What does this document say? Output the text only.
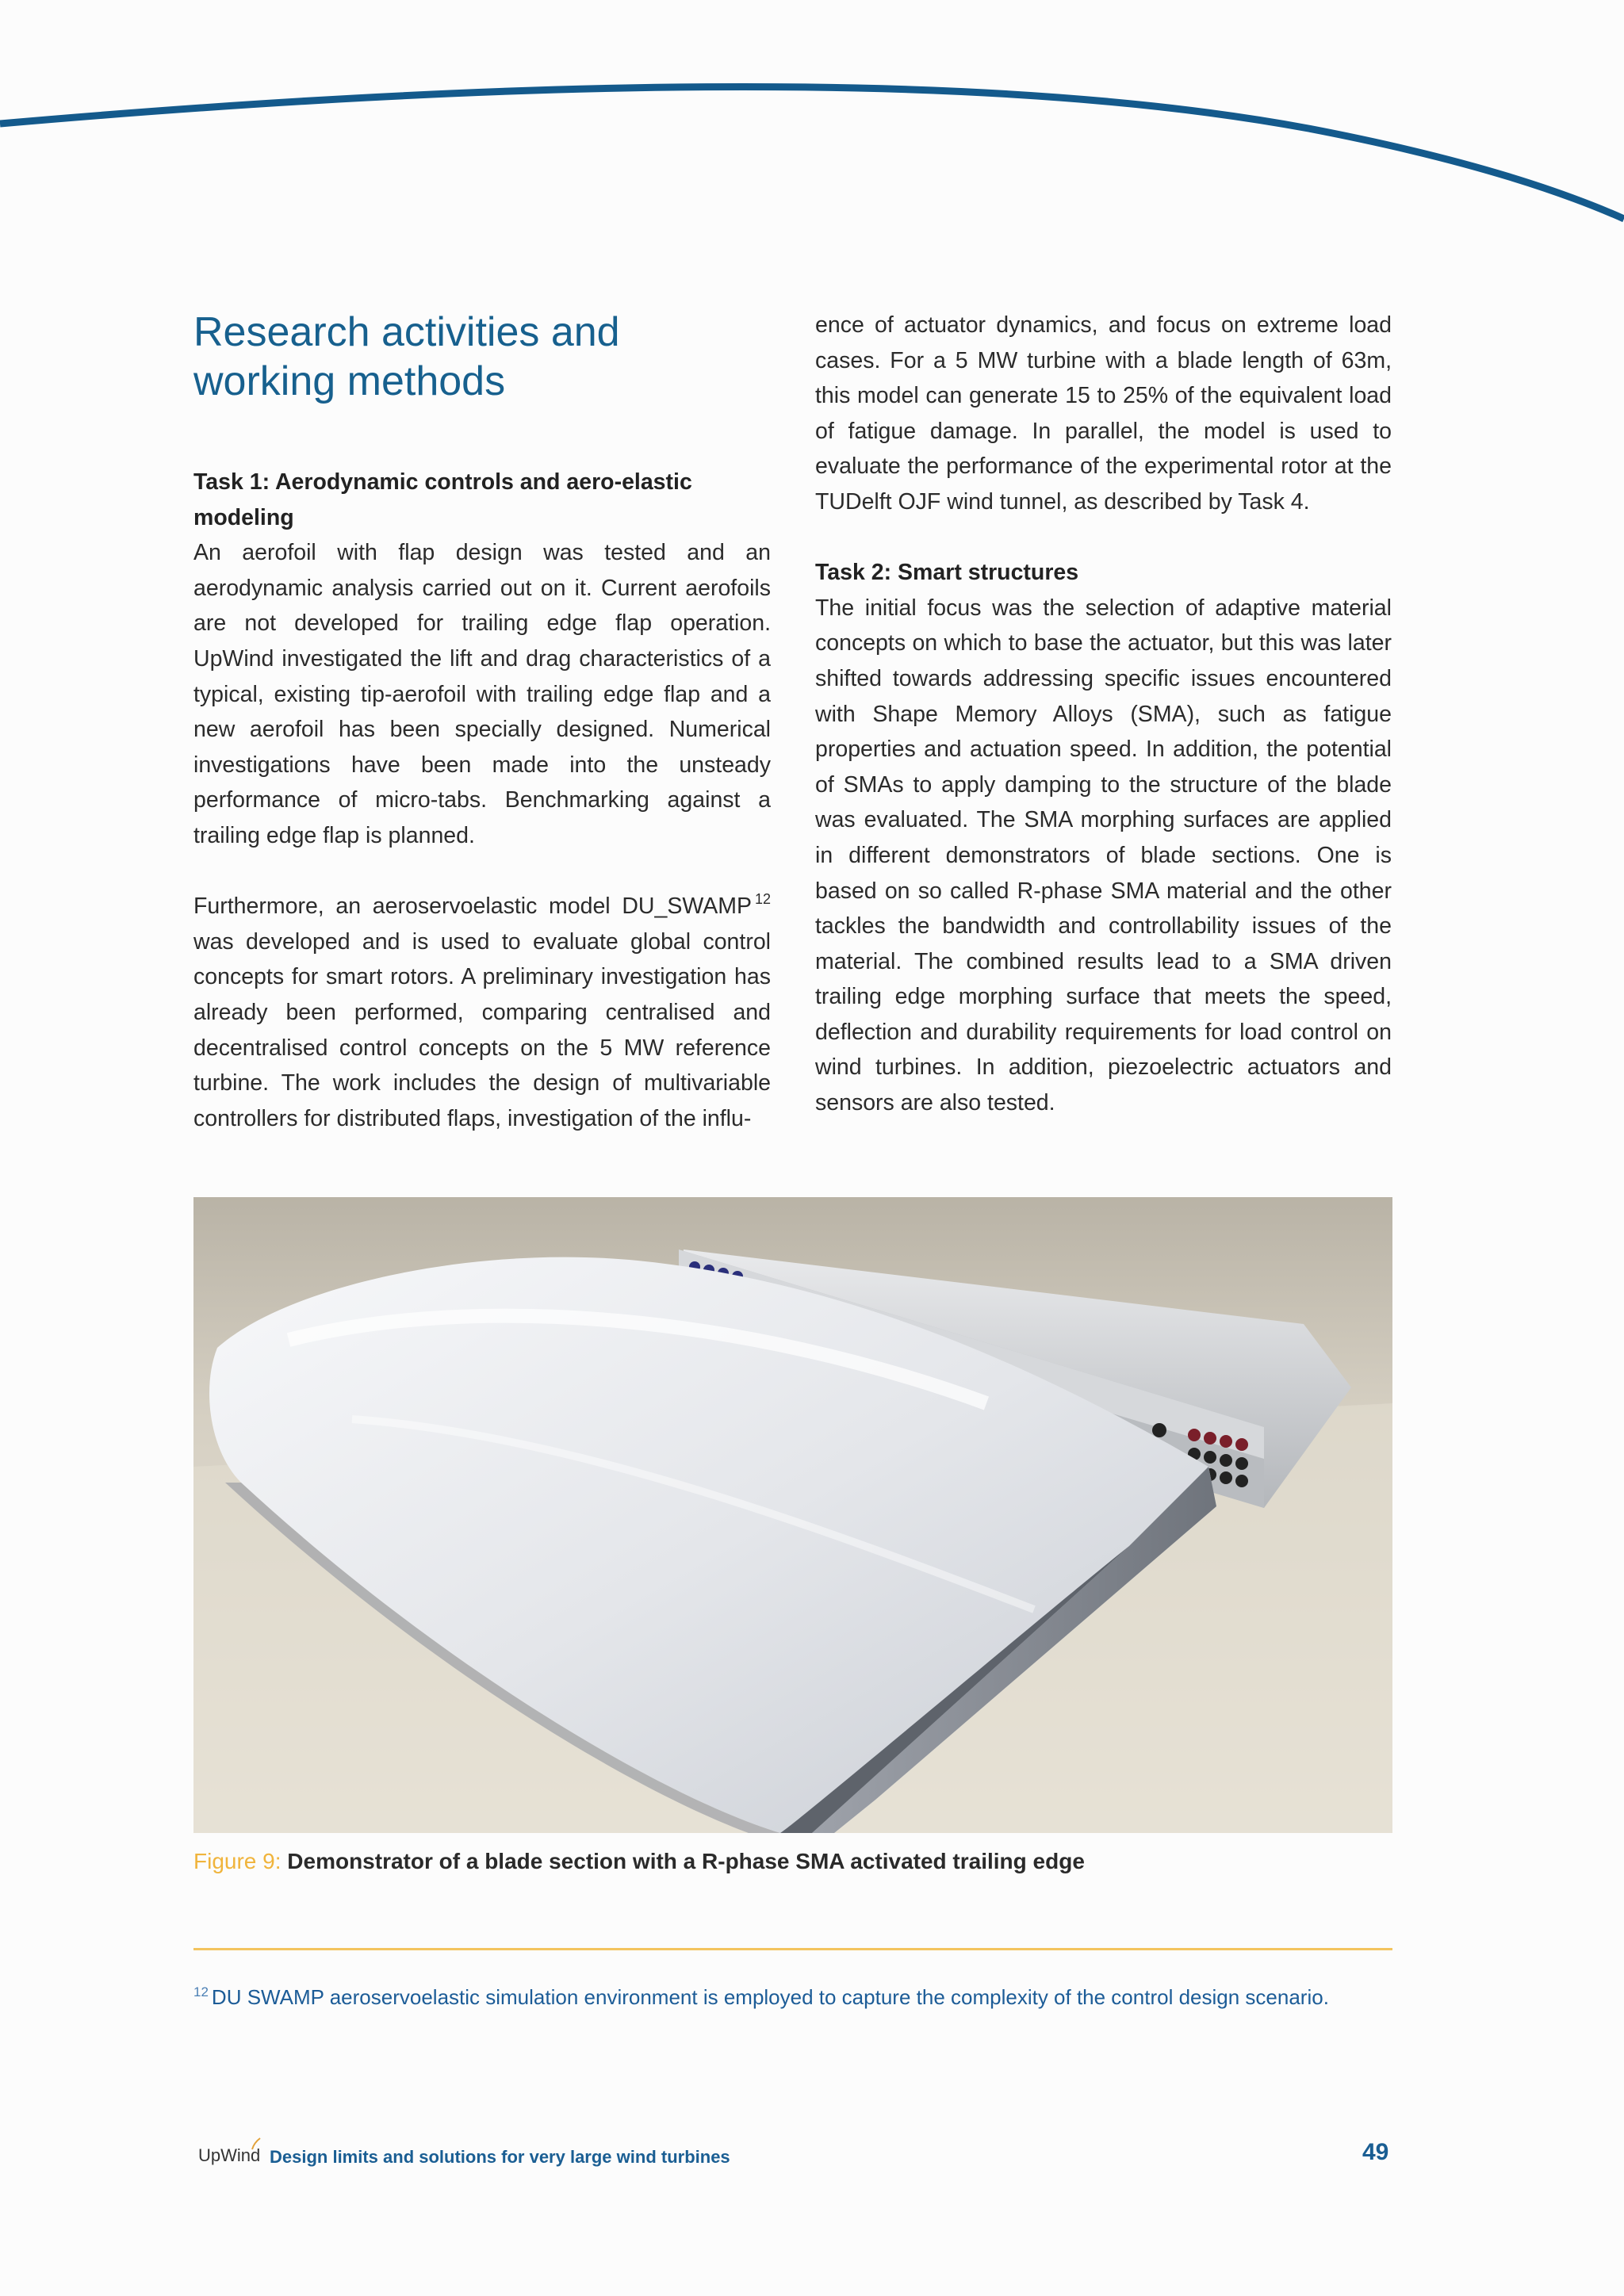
Research activities and working methods
Task 1: Aerodynamic controls and aero-elastic modeling

An aerofoil with flap design was tested and an aerodynamic analysis carried out on it. Current aerofoils are not developed for trailing edge flap operation. UpWind investigated the lift and drag characteristics of a typical, existing tip-aerofoil with trailing edge flap and a new aerofoil has been specially designed. Numerical investigations have been made into the unsteady performance of micro-tabs. Benchmarking against a trailing edge flap is planned.

Furthermore, an aeroservoelastic model DU_SWAMP $^{12}$ was developed and is used to evaluate global control concepts for smart rotors. A preliminary investigation has already been performed, comparing centralised and decentralised control concepts on the 5 MW reference turbine. The work includes the design of multivariable controllers for distributed flaps, investigation of the influ-

ence of actuator dynamics, and focus on extreme load cases. For a 5 MW turbine with a blade length of 63m, this model can generate 15 to 25% of the equivalent load of fatigue damage. In parallel, the model is used to evaluate the performance of the experimental rotor at the TUDelft OJF wind tunnel, as described by Task 4.

Task 2: Smart structures

The initial focus was the selection of adaptive material concepts on which to base the actuator, but this was later shifted towards addressing specific issues encountered with Shape Memory Alloys (SMA), such as fatigue properties and actuation speed. In addition, the potential of SMAs to apply damping to the structure of the blade was evaluated. The SMA morphing surfaces are applied in different demonstrators of blade sections. One is based on so called R-phase SMA material and the other tackles the bandwidth and controllability issues of the material. The combined results lead to a SMA driven trailing edge morphing surface that meets the speed, deflection and durability requirements for load control on wind turbines. In addition, piezoelectric actuators and sensors are also tested.

Figure 9: Demonstrator of a blade section with a R-phase SMA activated trailing edge
$^{12}$ DU SWAMP aeroservoelastic simulation environment is employed to capture the complexity of the control design scenario.
UpWind Design limits and solutions for very large wind turbines	49
